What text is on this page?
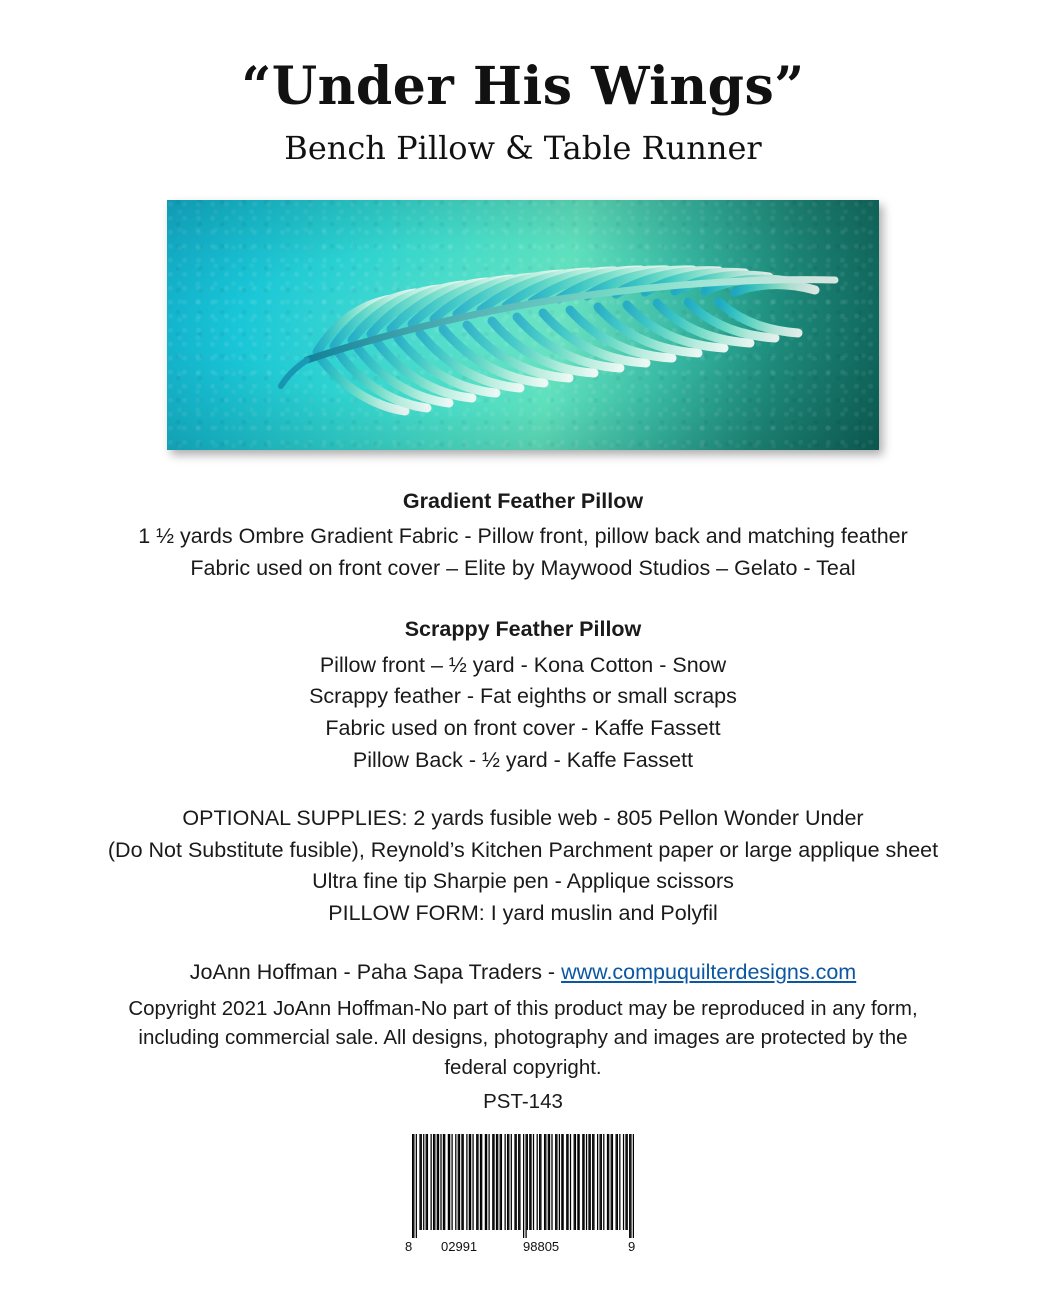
“Under His Wings”
Bench Pillow & Table Runner

Gradient Feather Pillow

1 ½ yards Ombre Gradient Fabric - Pillow front, pillow back and matching feather

Fabric used on front cover – Elite by Maywood Studios – Gelato - Teal

Scrappy Feather Pillow

Pillow front – ½ yard - Kona Cotton - Snow

Scrappy feather - Fat eighths or small scraps

Fabric used on front cover - Kaffe Fassett

Pillow Back - ½ yard - Kaffe Fassett

OPTIONAL SUPPLIES: 2 yards fusible web - 805 Pellon Wonder Under

(Do Not Substitute fusible), Reynold’s Kitchen Parchment paper or large applique sheet

Ultra fine tip Sharpie pen - Applique scissors

PILLOW FORM: I yard muslin and Polyfil

JoAnn Hoffman - Paha Sapa Traders - www.compuquilterdesigns.com

Copyright 2021 JoAnn Hoffman-No part of this product may be reproduced in any form, including commercial sale. All designs, photography and images are protected by the federal copyright.

PST-143

8 02991	98805	9
